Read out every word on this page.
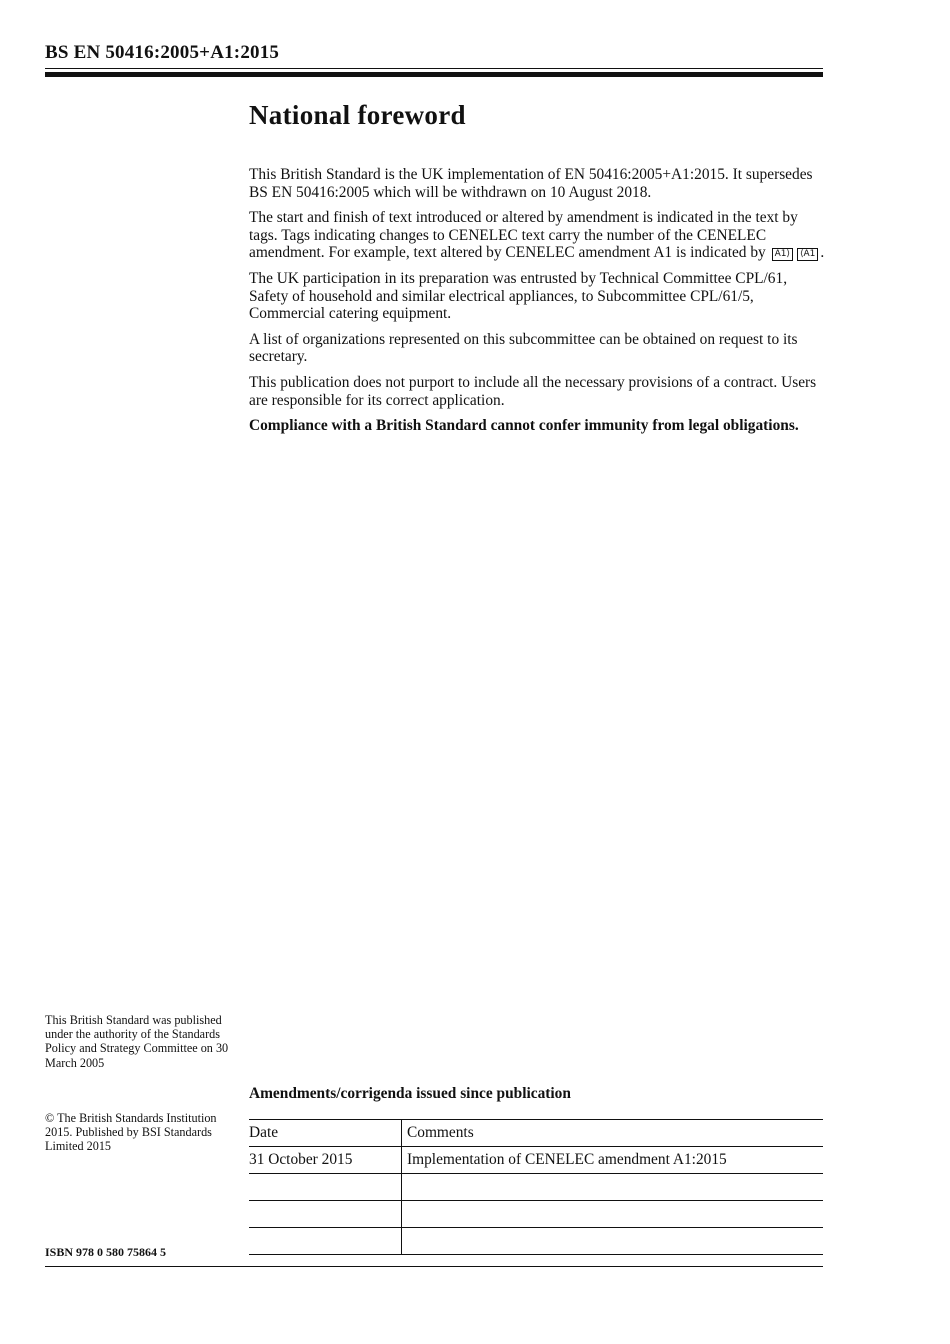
BS EN 50416:2005+A1:2015
National foreword

This British Standard is the UK implementation of EN 50416:2005+A1:2015. It supersedes BS EN 50416:2005 which will be withdrawn on 10 August 2018.

The start and finish of text introduced or altered by amendment is indicated in the text by tags. Tags indicating changes to CENELEC text carry the number of the CENELEC amendment. For example, text altered by CENELEC amendment A1 is indicated by A1⟩ ⟨A1 .

The UK participation in its preparation was entrusted by Technical Committee CPL/61, Safety of household and similar electrical appliances, to Subcommittee CPL/61/5, Commercial catering equipment.

A list of organizations represented on this subcommittee can be obtained on request to its secretary.

This publication does not purport to include all the necessary provisions of a contract. Users are responsible for its correct application.

Compliance with a British Standard cannot confer immunity from legal obligations.

This British Standard was published under the authority of the Standards Policy and Strategy Committee on 30 March 2005
© The British Standards Institution 2015. Published by BSI Standards Limited 2015
ISBN 978 0 580 75864 5
Amendments/corrigenda issued since publication
Date	Comments
31 October 2015	Implementation of CENELEC amendment A1:2015
